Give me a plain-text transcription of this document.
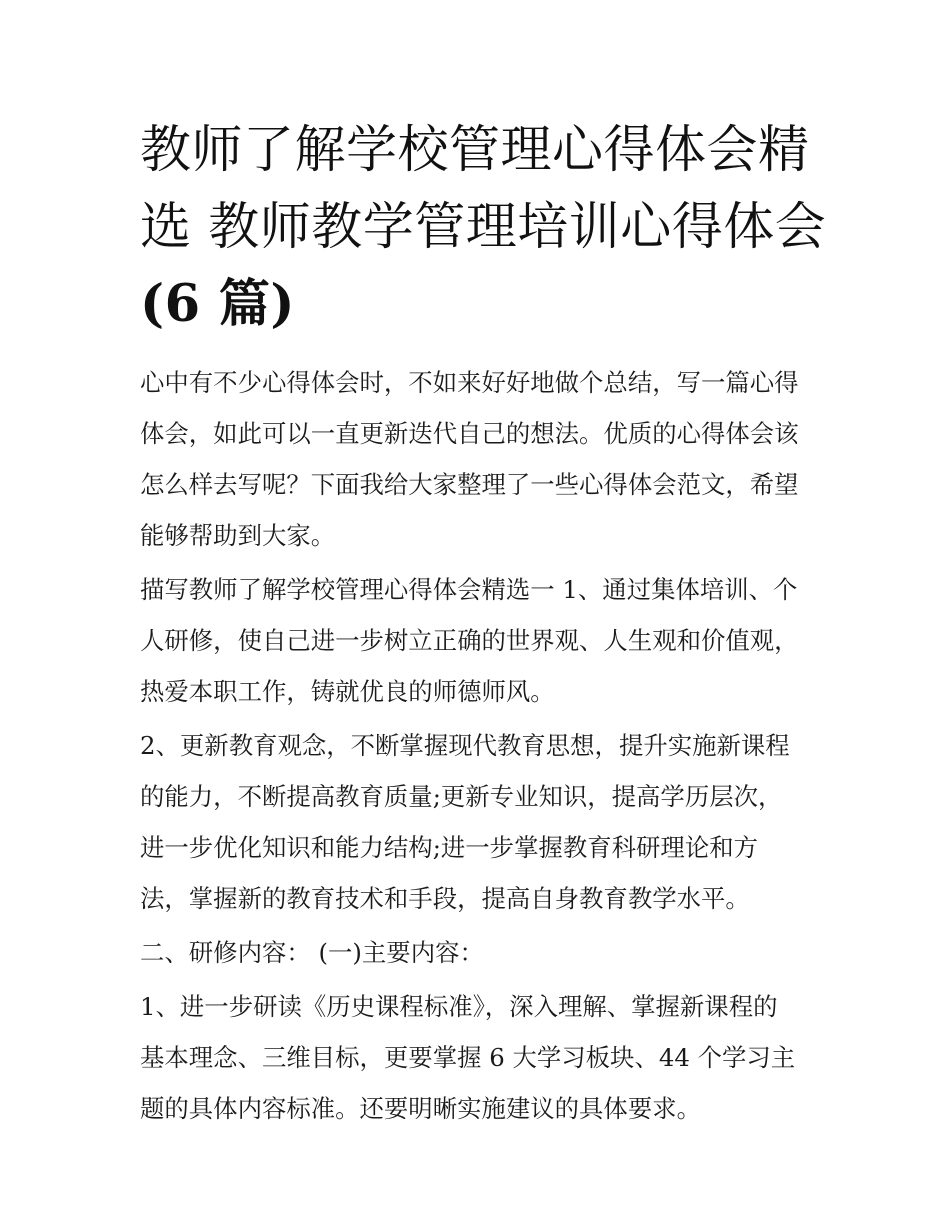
教师了解学校管理心得体会精
选 教师教学管理培训心得体会
(6 篇)

心中有不少心得体会时，不如来好好地做个总结，写一篇心得
体会，如此可以一直更新迭代自己的想法。优质的心得体会该
怎么样去写呢？下面我给大家整理了一些心得体会范文，希望
能够帮助到大家。

描写教师了解学校管理心得体会精选一 1、通过集体培训、个
人研修，使自己进一步树立正确的世界观、人生观和价值观，
热爱本职工作，铸就优良的师德师风。

2、更新教育观念，不断掌握现代教育思想，提升实施新课程
的能力，不断提高教育质量;更新专业知识，提高学历层次，
进一步优化知识和能力结构;进一步掌握教育科研理论和方
法，掌握新的教育技术和手段，提高自身教育教学水平。

二、研修内容： (一)主要内容：

1、进一步研读《历史课程标准》，深入理解、掌握新课程的
基本理念、三维目标，更要掌握 6 大学习板块、44 个学习主
题的具体内容标准。还要明晰实施建议的具体要求。
